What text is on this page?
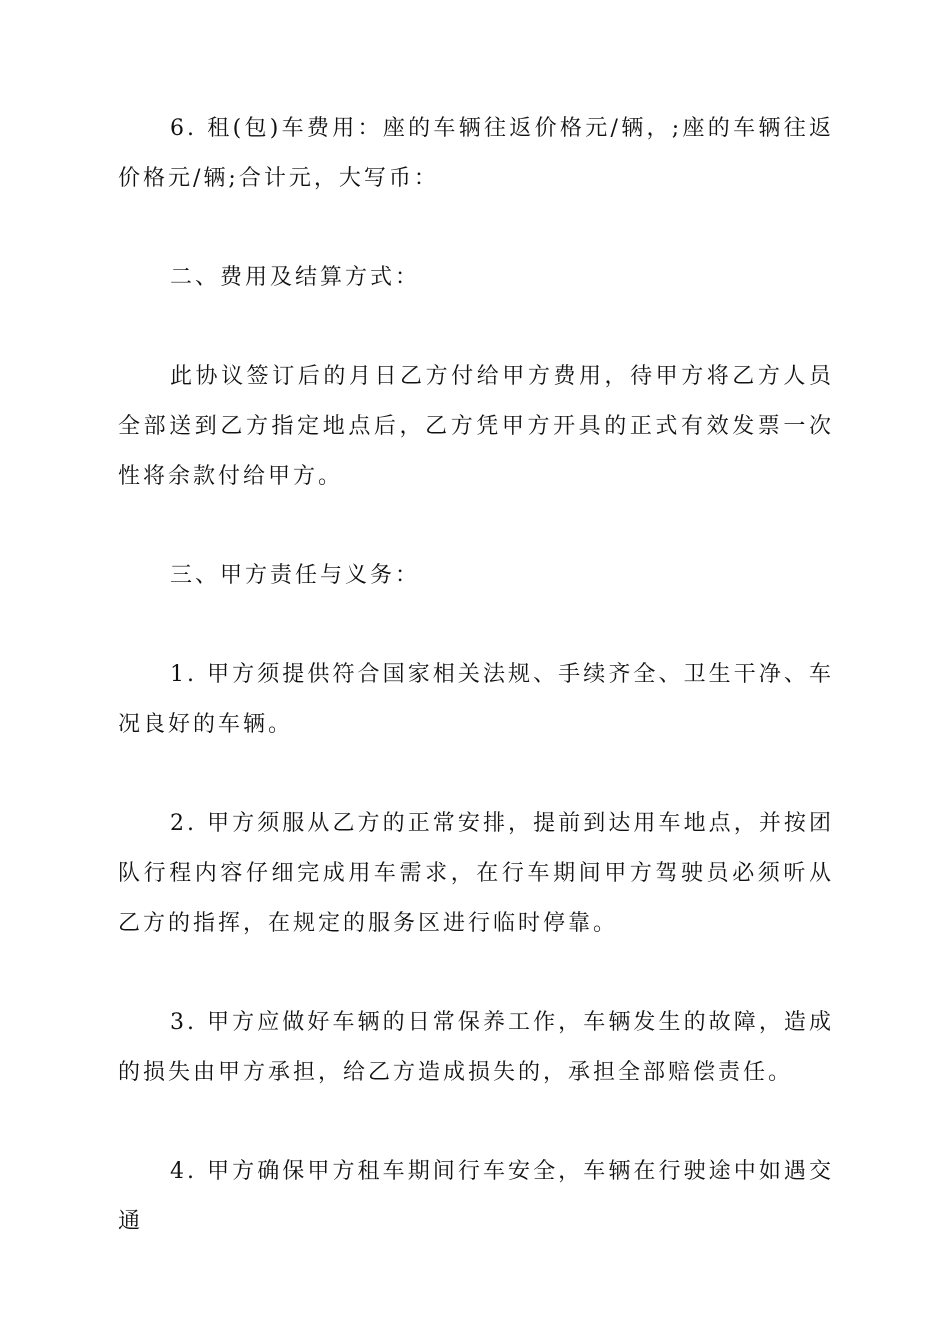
6. 租(包)车费用：座的车辆往返价格元/辆，;座的车辆往返价格元/辆;合计元，大写币：

二、费用及结算方式：

此协议签订后的月日乙方付给甲方费用，待甲方将乙方人员全部送到乙方指定地点后，乙方凭甲方开具的正式有效发票一次性将余款付给甲方。

三、甲方责任与义务：

1. 甲方须提供符合国家相关法规、手续齐全、卫生干净、车况良好的车辆。

2. 甲方须服从乙方的正常安排，提前到达用车地点，并按团队行程内容仔细完成用车需求，在行车期间甲方驾驶员必须听从乙方的指挥，在规定的服务区进行临时停靠。

3. 甲方应做好车辆的日常保养工作，车辆发生的故障，造成的损失由甲方承担，给乙方造成损失的，承担全部赔偿责任。

4. 甲方确保甲方租车期间行车安全，车辆在行驶途中如遇交通
